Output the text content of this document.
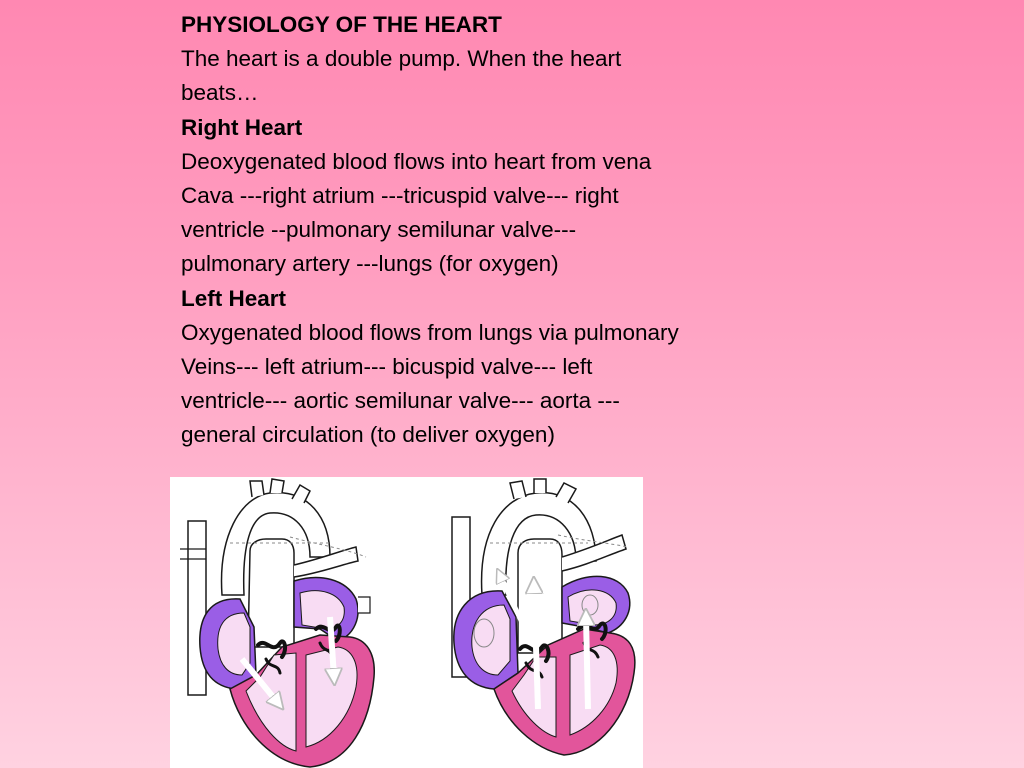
PHYSIOLOGY OF THE HEART
The heart is a double pump. When the heart
beats…
Right Heart
Deoxygenated blood flows into heart from vena
Cava ---right atrium ---tricuspid valve--- right
ventricle --pulmonary semilunar valve---
pulmonary artery ---lungs (for oxygen)
Left Heart
Oxygenated blood flows from lungs via pulmonary
Veins--- left atrium--- bicuspid valve--- left
ventricle--- aortic semilunar valve--- aorta ---
general circulation (to deliver oxygen)
